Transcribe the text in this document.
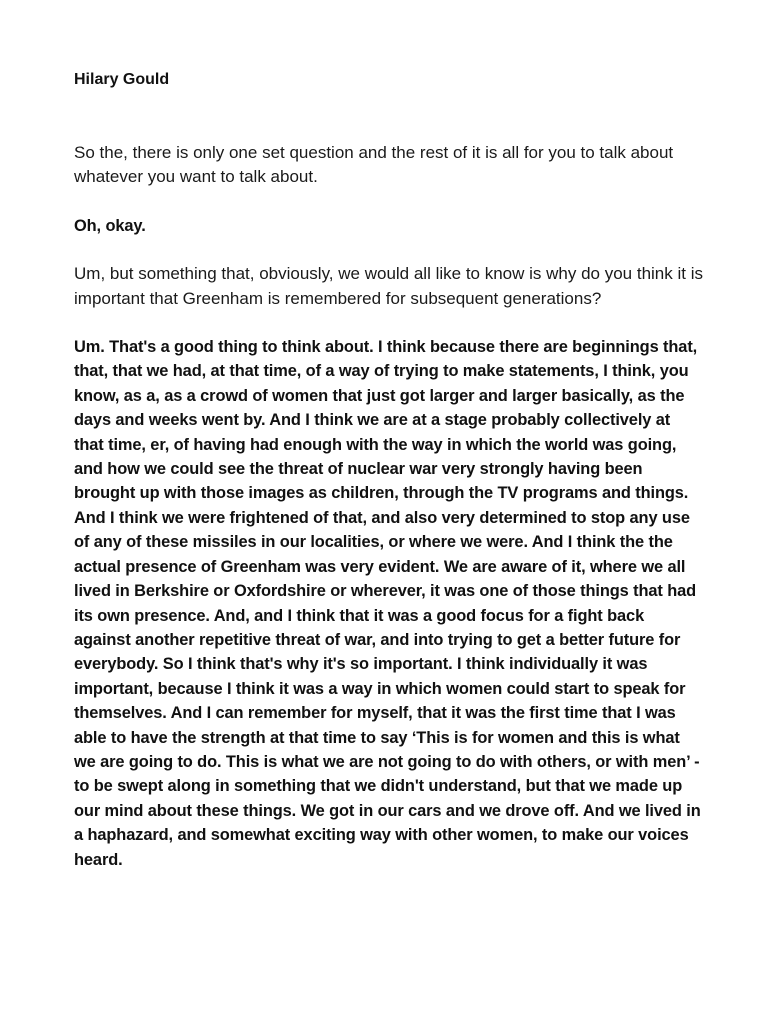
Hilary Gould

So the, there is only one set question and the rest of it is all for you to talk about whatever you want to talk about.

Oh, okay.

Um, but something that, obviously, we would all like to know is why do you think it is important that Greenham is remembered for subsequent generations?

Um. That's a good thing to think about. I think because there are beginnings that, that, that we had, at that time, of a way of trying to make statements, I think, you know, as a, as a crowd of women that just got larger and larger basically, as the days and weeks went by. And I think we are at a stage probably collectively at that time, er, of having had enough with the way in which the world was going, and how we could see the threat of nuclear war very strongly having been brought up with those images as children, through the TV programs and things. And I think we were frightened of that, and also very determined to stop any use of any of these missiles in our localities, or where we were. And I think the the actual presence of Greenham was very evident. We are aware of it, where we all lived in Berkshire or Oxfordshire or wherever, it was one of those things that had its own presence. And, and I think that it was a good focus for a fight back against another repetitive threat of war, and into trying to get a better future for everybody. So I think that's why it's so important. I think individually it was important, because I think it was a way in which women could start to speak for themselves. And I can remember for myself, that it was the first time that I was able to have the strength at that time to say ‘This is for women and this is what we are going to do. This is what we are not going to do with others, or with men’ - to be swept along in something that we didn't understand, but that we made up our mind about these things. We got in our cars and we drove off. And we lived in a haphazard, and somewhat exciting way with other women, to make our voices heard.
